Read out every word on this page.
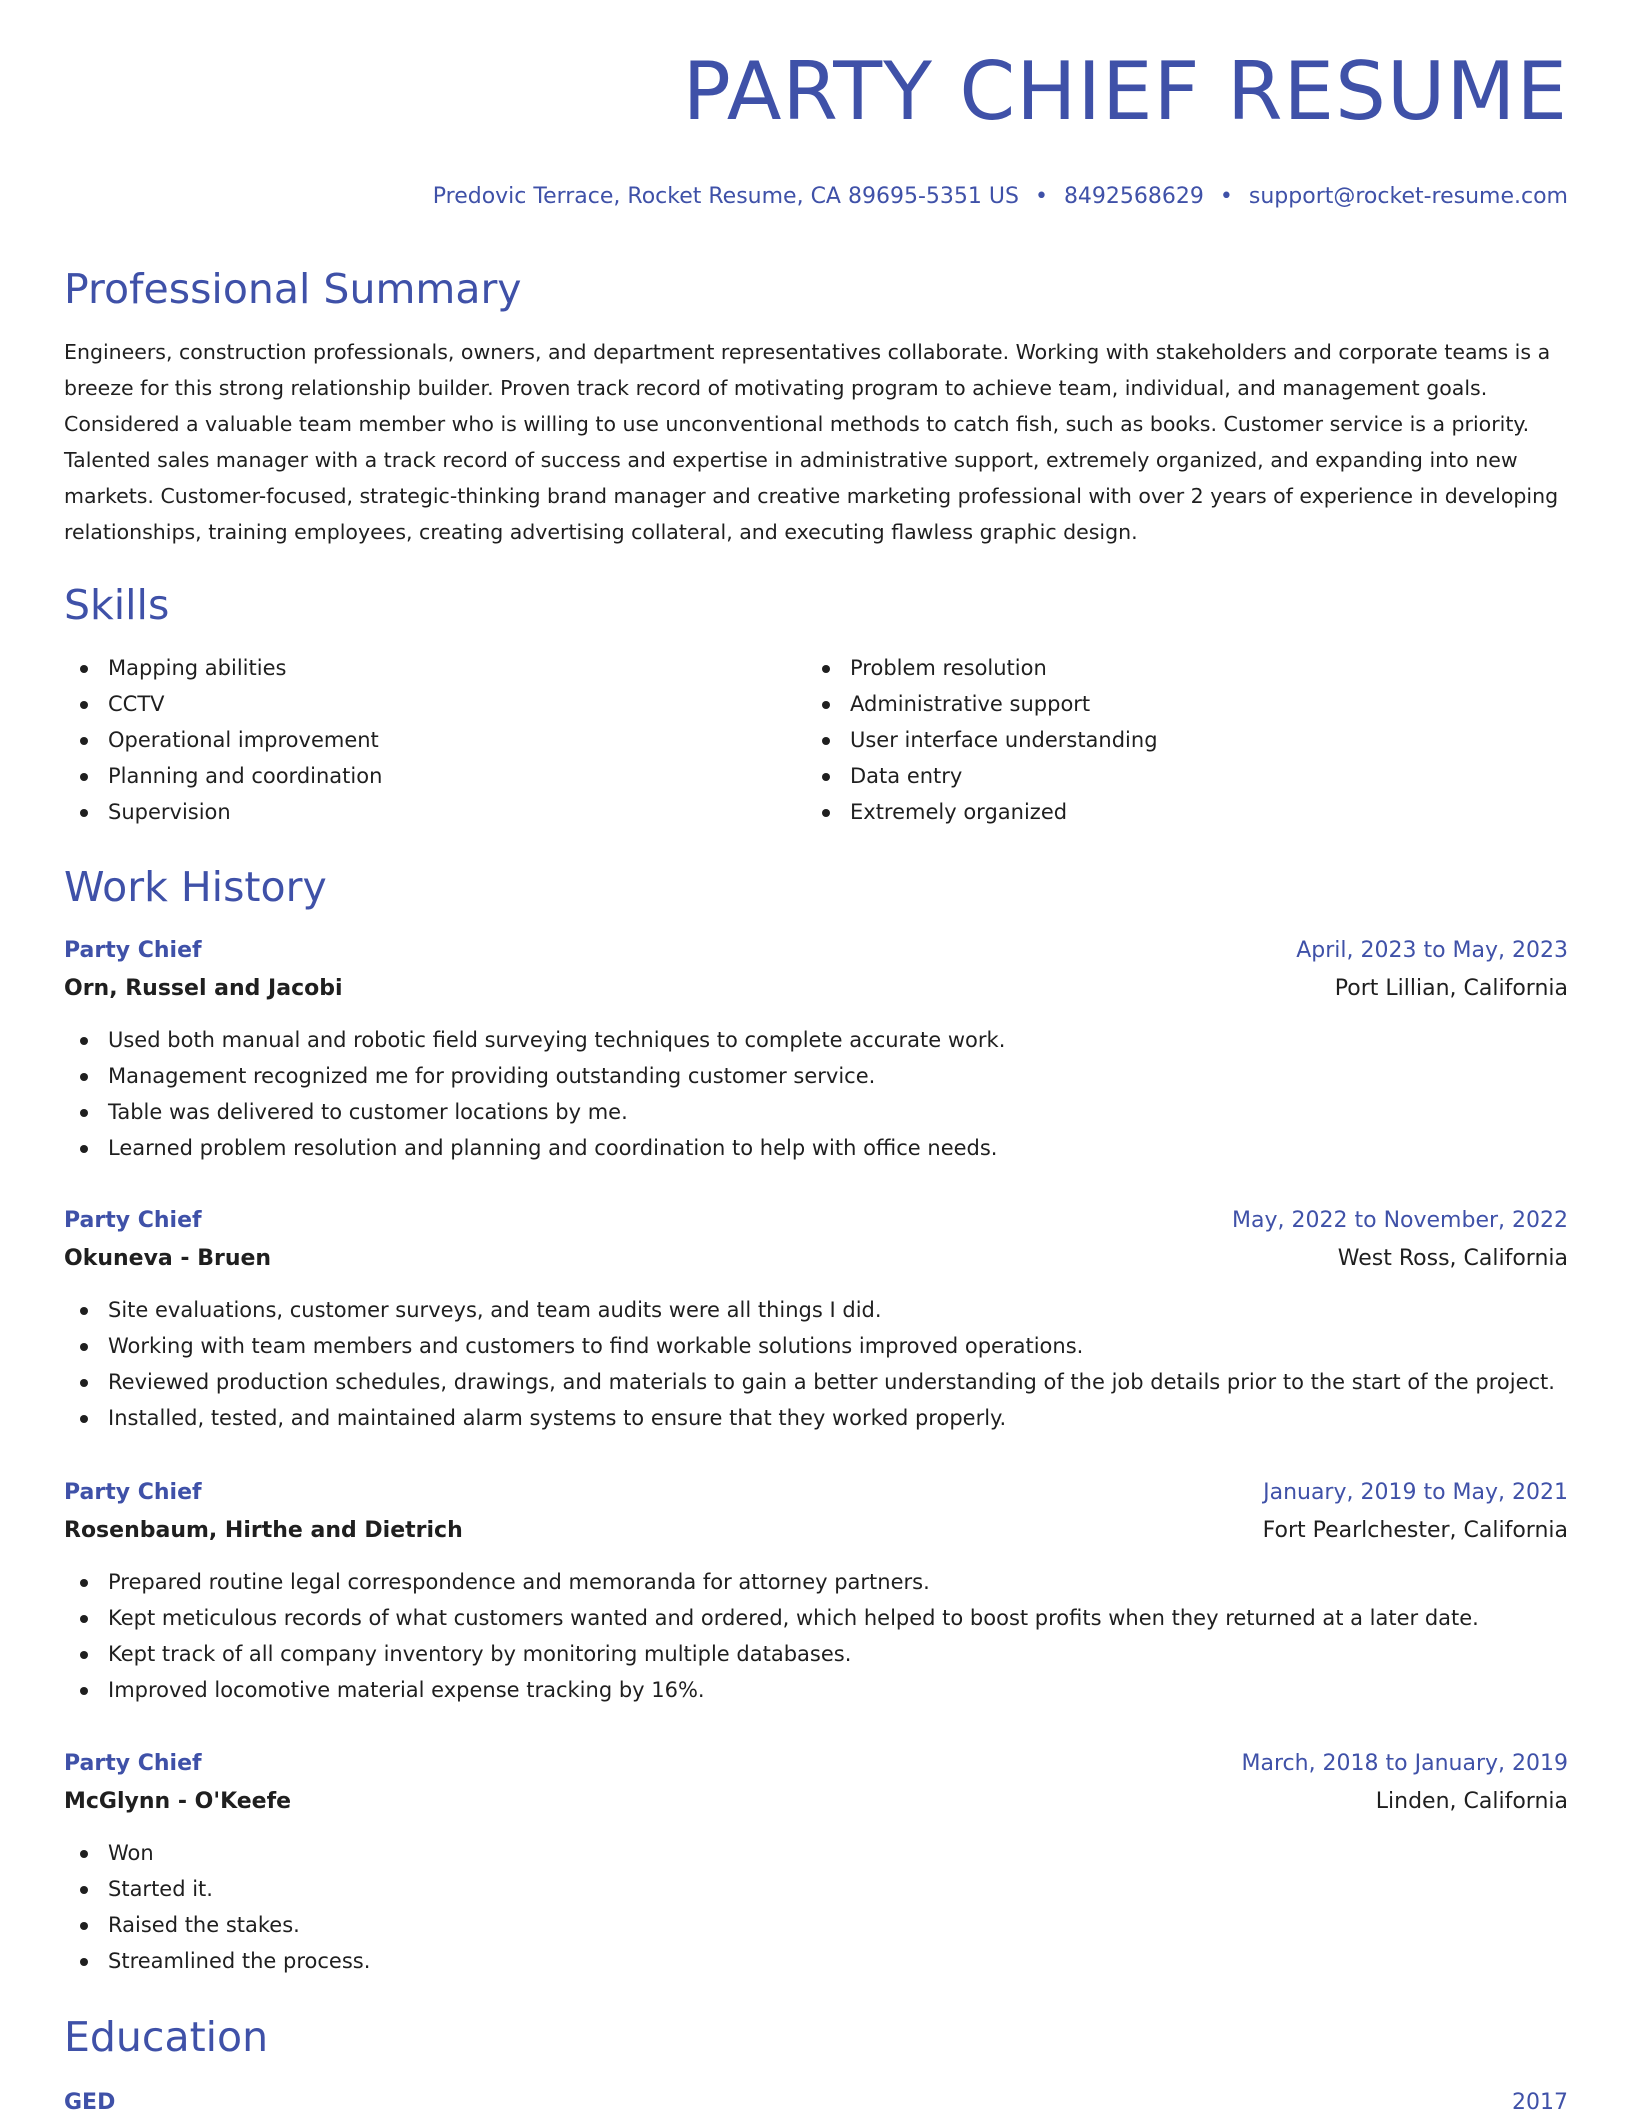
PARTY CHIEF RESUME
Predovic Terrace, Rocket Resume, CA 89695-5351 US • 8492568629 • support@rocket-resume.com
Professional Summary

Engineers, construction professionals, owners, and department representatives collaborate. Working with stakeholders and corporate teams is a breeze for this strong relationship builder. Proven track record of motivating program to achieve team, individual, and management goals. Considered a valuable team member who is willing to use unconventional methods to catch fish, such as books. Customer service is a priority. Talented sales manager with a track record of success and expertise in administrative support, extremely organized, and expanding into new markets. Customer-focused, strategic-thinking brand manager and creative marketing professional with over 2 years of experience in developing relationships, training employees, creating advertising collateral, and executing flawless graphic design.

Skills
Mapping abilities
CCTV
Operational improvement
Planning and coordination
Supervision
Problem resolution
Administrative support
User interface understanding
Data entry
Extremely organized
Work History
Party Chief	April, 2023 to May, 2023
Orn, Russel and Jacobi	Port Lillian, California
Used both manual and robotic field surveying techniques to complete accurate work.
Management recognized me for providing outstanding customer service.
Table was delivered to customer locations by me.
Learned problem resolution and planning and coordination to help with office needs.
Party Chief	May, 2022 to November, 2022
Okuneva - Bruen	West Ross, California
Site evaluations, customer surveys, and team audits were all things I did.
Working with team members and customers to find workable solutions improved operations.
Reviewed production schedules, drawings, and materials to gain a better understanding of the job details prior to the start of the project.
Installed, tested, and maintained alarm systems to ensure that they worked properly.
Party Chief	January, 2019 to May, 2021
Rosenbaum, Hirthe and Dietrich	Fort Pearlchester, California
Prepared routine legal correspondence and memoranda for attorney partners.
Kept meticulous records of what customers wanted and ordered, which helped to boost profits when they returned at a later date.
Kept track of all company inventory by monitoring multiple databases.
Improved locomotive material expense tracking by 16%.
Party Chief	March, 2018 to January, 2019
McGlynn - O'Keefe	Linden, California
Won
Started it.
Raised the stakes.
Streamlined the process.
Education
GED	2017
